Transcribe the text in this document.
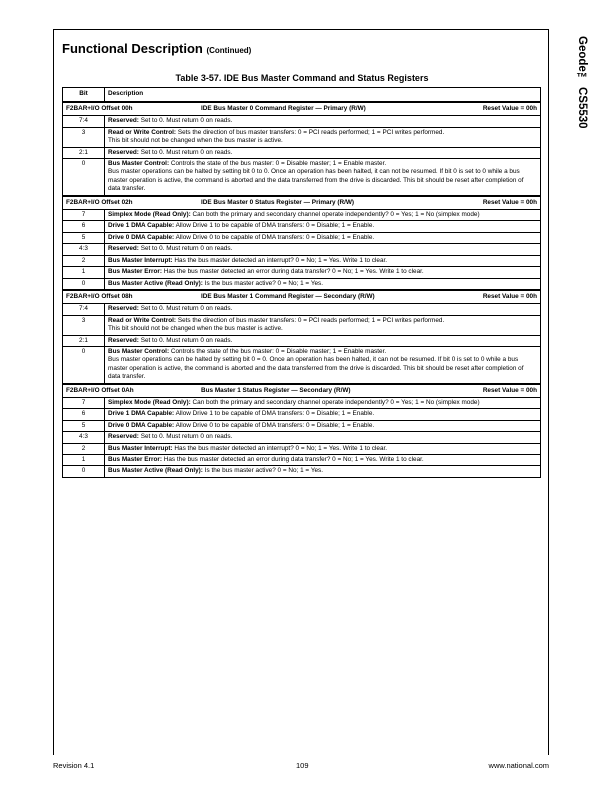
Geode™ CS5530
Functional Description (Continued)
Table 3-57. IDE Bus Master Command and Status Registers
Bit	Description

F2BAR+I/O Offset 00h IDE Bus Master 0 Command Register — Primary (R/W) Reset Value = 00h	

7:4	Reserved: Set to 0. Must return 0 on reads.
3	Read or Write Control: Sets the direction of bus master transfers: 0 = PCI reads performed; 1 = PCI writes performed.
This bit should not be changed when the bus master is active.

2:1	Reserved: Set to 0. Must return 0 on reads.
0	Bus Master Control: Controls the state of the bus master: 0 = Disable master; 1 = Enable master.
Bus master operations can be halted by setting bit 0 to 0. Once an operation has been halted, it can not be resumed. If bit 0 is set to 0 while a bus master operation is active, the command is aborted and the data transferred from the drive is discarded. This bit should be reset after completion of data transfer.

F2BAR+I/O Offset 02h IDE Bus Master 0 Status Register — Primary (R/W) Reset Value = 00h	

7	Simplex Mode (Read Only): Can both the primary and secondary channel operate independently? 0 = Yes; 1 = No (simplex mode)
6	Drive 1 DMA Capable: Allow Drive 1 to be capable of DMA transfers: 0 = Disable; 1 = Enable.
5	Drive 0 DMA Capable: Allow Drive 0 to be capable of DMA transfers: 0 = Disable; 1 = Enable.
4:3	Reserved: Set to 0. Must return 0 on reads.
2	Bus Master Interrupt: Has the bus master detected an interrupt? 0 = No; 1 = Yes. Write 1 to clear.
1	Bus Master Error: Has the bus master detected an error during data transfer? 0 = No; 1 = Yes. Write 1 to clear.
0	Bus Master Active (Read Only): Is the bus master active? 0 = No; 1 = Yes.

F2BAR+I/O Offset 08h IDE Bus Master 1 Command Register — Secondary (R/W) Reset Value = 00h	

7:4	Reserved: Set to 0. Must return 0 on reads.
3	Read or Write Control: Sets the direction of bus master transfers: 0 = PCI reads performed; 1 = PCI writes performed.
This bit should not be changed when the bus master is active.

2:1	Reserved: Set to 0. Must return 0 on reads.
0	Bus Master Control: Controls the state of the bus master: 0 = Disable master; 1 = Enable master.
Bus master operations can be halted by setting bit 0 = 0. Once an operation has been halted, it can not be resumed. If bit 0 is set to 0 while a bus master operation is active, the command is aborted and the data transferred from the drive is discarded. This bit should be reset after completion of data transfer.

F2BAR+I/O Offset 0Ah Bus Master 1 Status Register — Secondary (R/W) Reset Value = 00h	

7	Simplex Mode (Read Only): Can both the primary and secondary channel operate independently? 0 = Yes; 1 = No (simplex mode)
6	Drive 1 DMA Capable: Allow Drive 1 to be capable of DMA transfers: 0 = Disable; 1 = Enable.
5	Drive 0 DMA Capable: Allow Drive 0 to be capable of DMA transfers: 0 = Disable; 1 = Enable.
4:3	Reserved: Set to 0. Must return 0 on reads.
2	Bus Master Interrupt: Has the bus master detected an interrupt? 0 = No; 1 = Yes. Write 1 to clear.
1	Bus Master Error: Has the bus master detected an error during data transfer? 0 = No; 1 = Yes. Write 1 to clear.
0	Bus Master Active (Read Only): Is the bus master active? 0 = No; 1 = Yes.
Revision 4.1	109	www.national.com
